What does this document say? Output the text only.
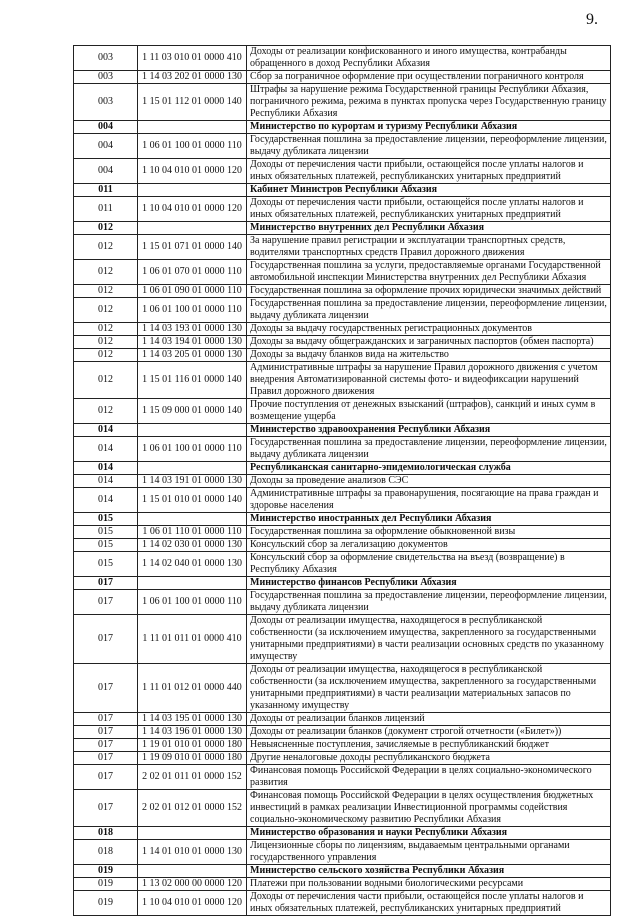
9.
003	1 11 03 010 01 0000 410	Доходы от реализации конфискованного и иного имущества, контрабанды обращенного в доход Республики Абхазия
003	1 14 03 202 01 0000 130	Сбор за пограничное оформление при осуществлении пограничного контроля
003	1 15 01 112 01 0000 140	Штрафы за нарушение режима Государственной границы Республики Абхазия, пограничного режима, режима в пунктах пропуска через Государственную границу Республики Абхазия
004		Министерство по курортам и туризму Республики Абхазия
004	1 06 01 100 01 0000 110	Государственная пошлина за предоставление лицензии, переоформление лицензии, выдачу дубликата лицензии
004	1 10 04 010 01 0000 120	Доходы от перечисления части прибыли, остающейся после уплаты налогов и иных обязательных платежей, республиканских унитарных предприятий
011		Кабинет Министров Республики Абхазия
011	1 10 04 010 01 0000 120	Доходы от перечисления части прибыли, остающейся после уплаты налогов и иных обязательных платежей, республиканских унитарных предприятий
012		Министерство внутренних дел Республики Абхазия
012	1 15 01 071 01 0000 140	За нарушение правил регистрации и эксплуатации транспортных средств, водителями транспортных средств Правил дорожного движения
012	1 06 01 070 01 0000 110	Государственная пошлина за услуги, предоставляемые органами Государственной автомобильной инспекции Министерства внутренних дел Республики Абхазия
012	1 06 01 090 01 0000 110	Государственная пошлина за оформление прочих юридически значимых действий
012	1 06 01 100 01 0000 110	Государственная пошлина за предоставление лицензии, переоформление лицензии, выдачу дубликата лицензии
012	1 14 03 193 01 0000 130	Доходы за выдачу государственных регистрационных документов
012	1 14 03 194 01 0000 130	Доходы за выдачу общегражданских и заграничных паспортов (обмен паспорта)
012	1 14 03 205 01 0000 130	Доходы за выдачу бланков вида на жительство
012	1 15 01 116 01 0000 140	Административные штрафы за нарушение Правил дорожного движения с учетом внедрения Автоматизированной системы фото- и видеофиксации нарушений Правил дорожного движения
012	1 15 09 000 01 0000 140	Прочие поступления от денежных взысканий (штрафов), санкций и иных сумм в возмещение ущерба
014		Министерство здравоохранения Республики Абхазия
014	1 06 01 100 01 0000 110	Государственная пошлина за предоставление лицензии, переоформление лицензии, выдачу дубликата лицензии
014		Республиканская санитарно-эпидемиологическая служба
014	1 14 03 191 01 0000 130	Доходы за проведение анализов СЭС
014	1 15 01 010 01 0000 140	Административные штрафы за правонарушения, посягающие на права граждан и здоровье населения
015		Министерство иностранных дел Республики Абхазия
015	1 06 01 110 01 0000 110	Государственная пошлина за оформление обыкновенной визы
015	1 14 02 030 01 0000 130	Консульский сбор за легализацию документов
015	1 14 02 040 01 0000 130	Консульский сбор за оформление свидетельства на въезд (возвращение) в Республику Абхазия
017		Министерство финансов Республики Абхазия
017	1 06 01 100 01 0000 110	Государственная пошлина за предоставление лицензии, переоформление лицензии, выдачу дубликата лицензии
017	1 11 01 011 01 0000 410	Доходы от реализации имущества, находящегося в республиканской собственности (за исключением имущества, закрепленного за государственными унитарными предприятиями) в части реализации основных средств по указанному имуществу
017	1 11 01 012 01 0000 440	Доходы от реализации имущества, находящегося в республиканской собственности (за исключением имущества, закрепленного за государственными унитарными предприятиями) в части реализации материальных запасов по указанному имуществу
017	1 14 03 195 01 0000 130	Доходы от реализации бланков лицензий
017	1 14 03 196 01 0000 130	Доходы от реализации бланков (документ строгой отчетности («Билет»))
017	1 19 01 010 01 0000 180	Невыясненные поступления, зачисляемые в республиканский бюджет
017	1 19 09 010 01 0000 180	Другие неналоговые доходы республиканского бюджета
017	2 02 01 011 01 0000 152	Финансовая помощь Российской Федерации в целях социально-экономического развития
017	2 02 01 012 01 0000 152	Финансовая помощь Российской Федерации в целях осуществления бюджетных инвестиций в рамках реализации Инвестиционной программы содействия социально-экономическому развитию Республики Абхазия
018		Министерство образования и науки Республики Абхазия
018	1 14 01 010 01 0000 130	Лицензионные сборы по лицензиям, выдаваемым центральными органами государственного управления
019		Министерство сельского хозяйства Республики Абхазия
019	1 13 02 000 00 0000 120	Платежи при пользовании водными биологическими ресурсами
019	1 10 04 010 01 0000 120	Доходы от перечисления части прибыли, остающейся после уплаты налогов и иных обязательных платежей, республиканских унитарных предприятий
